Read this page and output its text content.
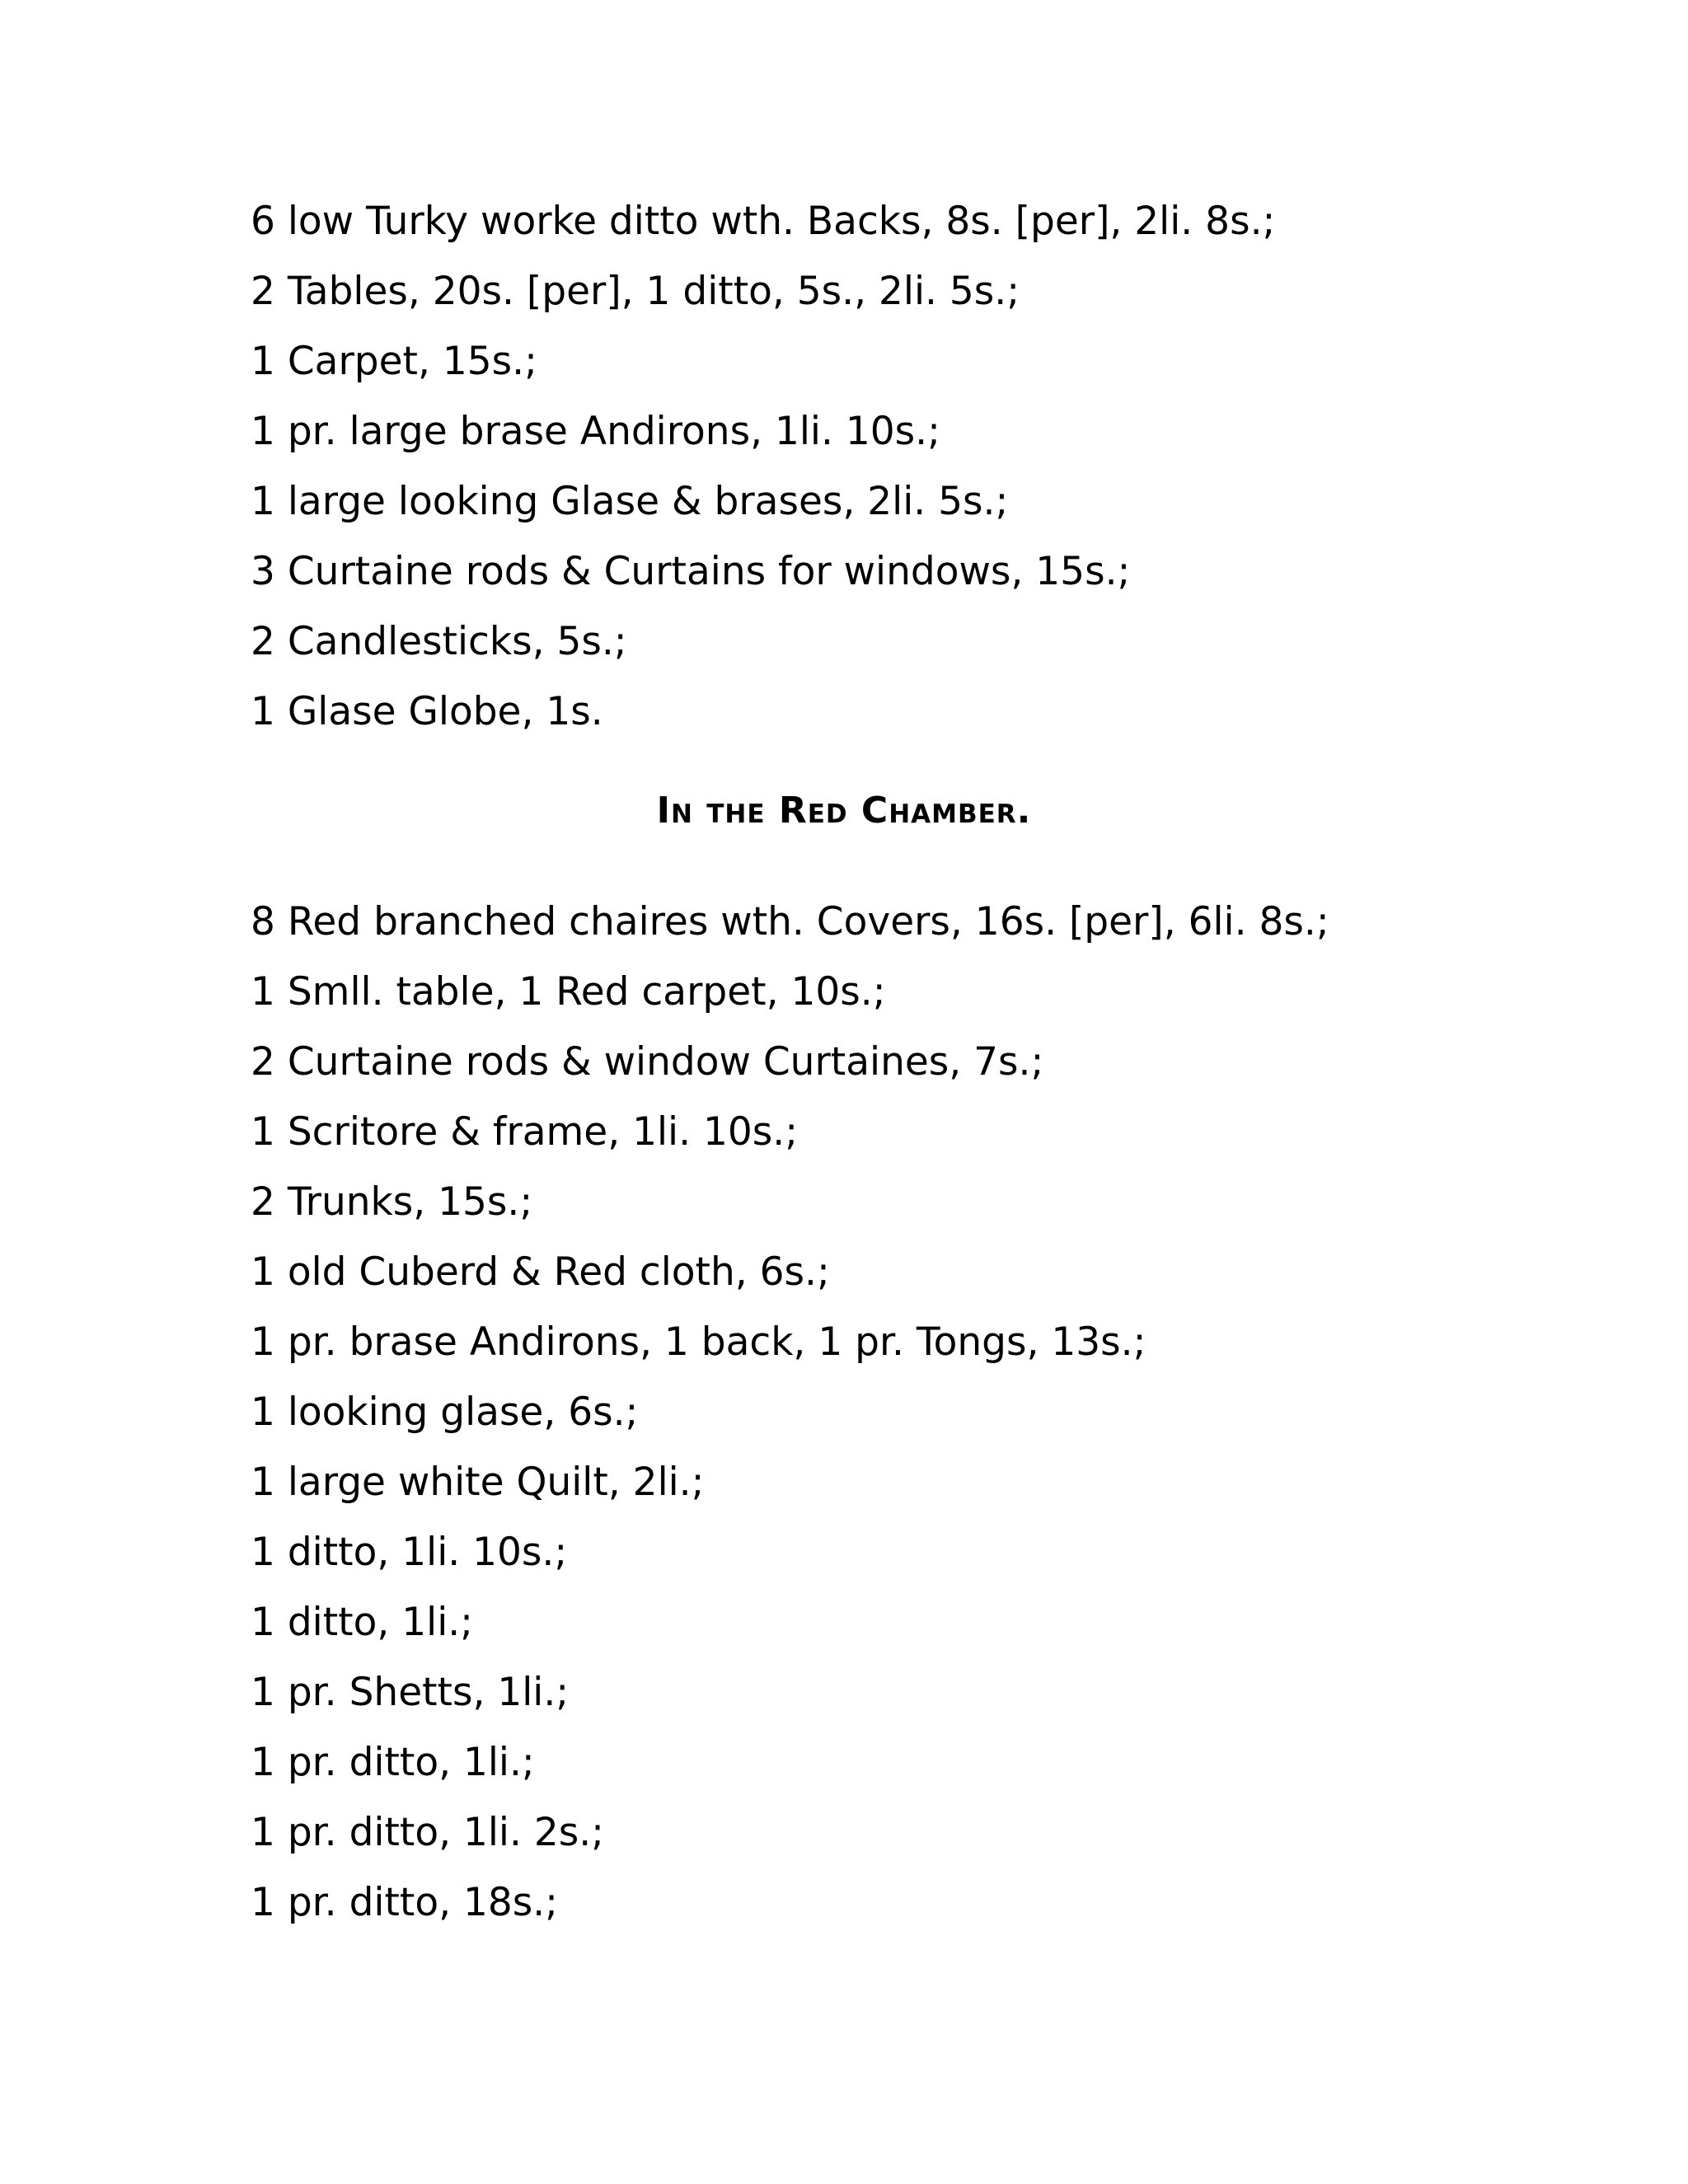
6 low Turky worke ditto wth. Backs, 8s. [per], 2li. 8s.;
2 Tables, 20s. [per], 1 ditto, 5s., 2li. 5s.;
1 Carpet, 15s.;
1 pr. large brase Andirons, 1li. 10s.;
1 large looking Glase & brases, 2li. 5s.;
3 Curtaine rods & Curtains for windows, 15s.;
2 Candlesticks, 5s.;
1 Glase Globe, 1s.
In the Red Chamber.
8 Red branched chaires wth. Covers, 16s. [per], 6li. 8s.;
1 Smll. table, 1 Red carpet, 10s.;
2 Curtaine rods & window Curtaines, 7s.;
1 Scritore & frame, 1li. 10s.;
2 Trunks, 15s.;
1 old Cuberd & Red cloth, 6s.;
1 pr. brase Andirons, 1 back, 1 pr. Tongs, 13s.;
1 looking glase, 6s.;
1 large white Quilt, 2li.;
1 ditto, 1li. 10s.;
1 ditto, 1li.;
1 pr. Shetts, 1li.;
1 pr. ditto, 1li.;
1 pr. ditto, 1li. 2s.;
1 pr. ditto, 18s.;
